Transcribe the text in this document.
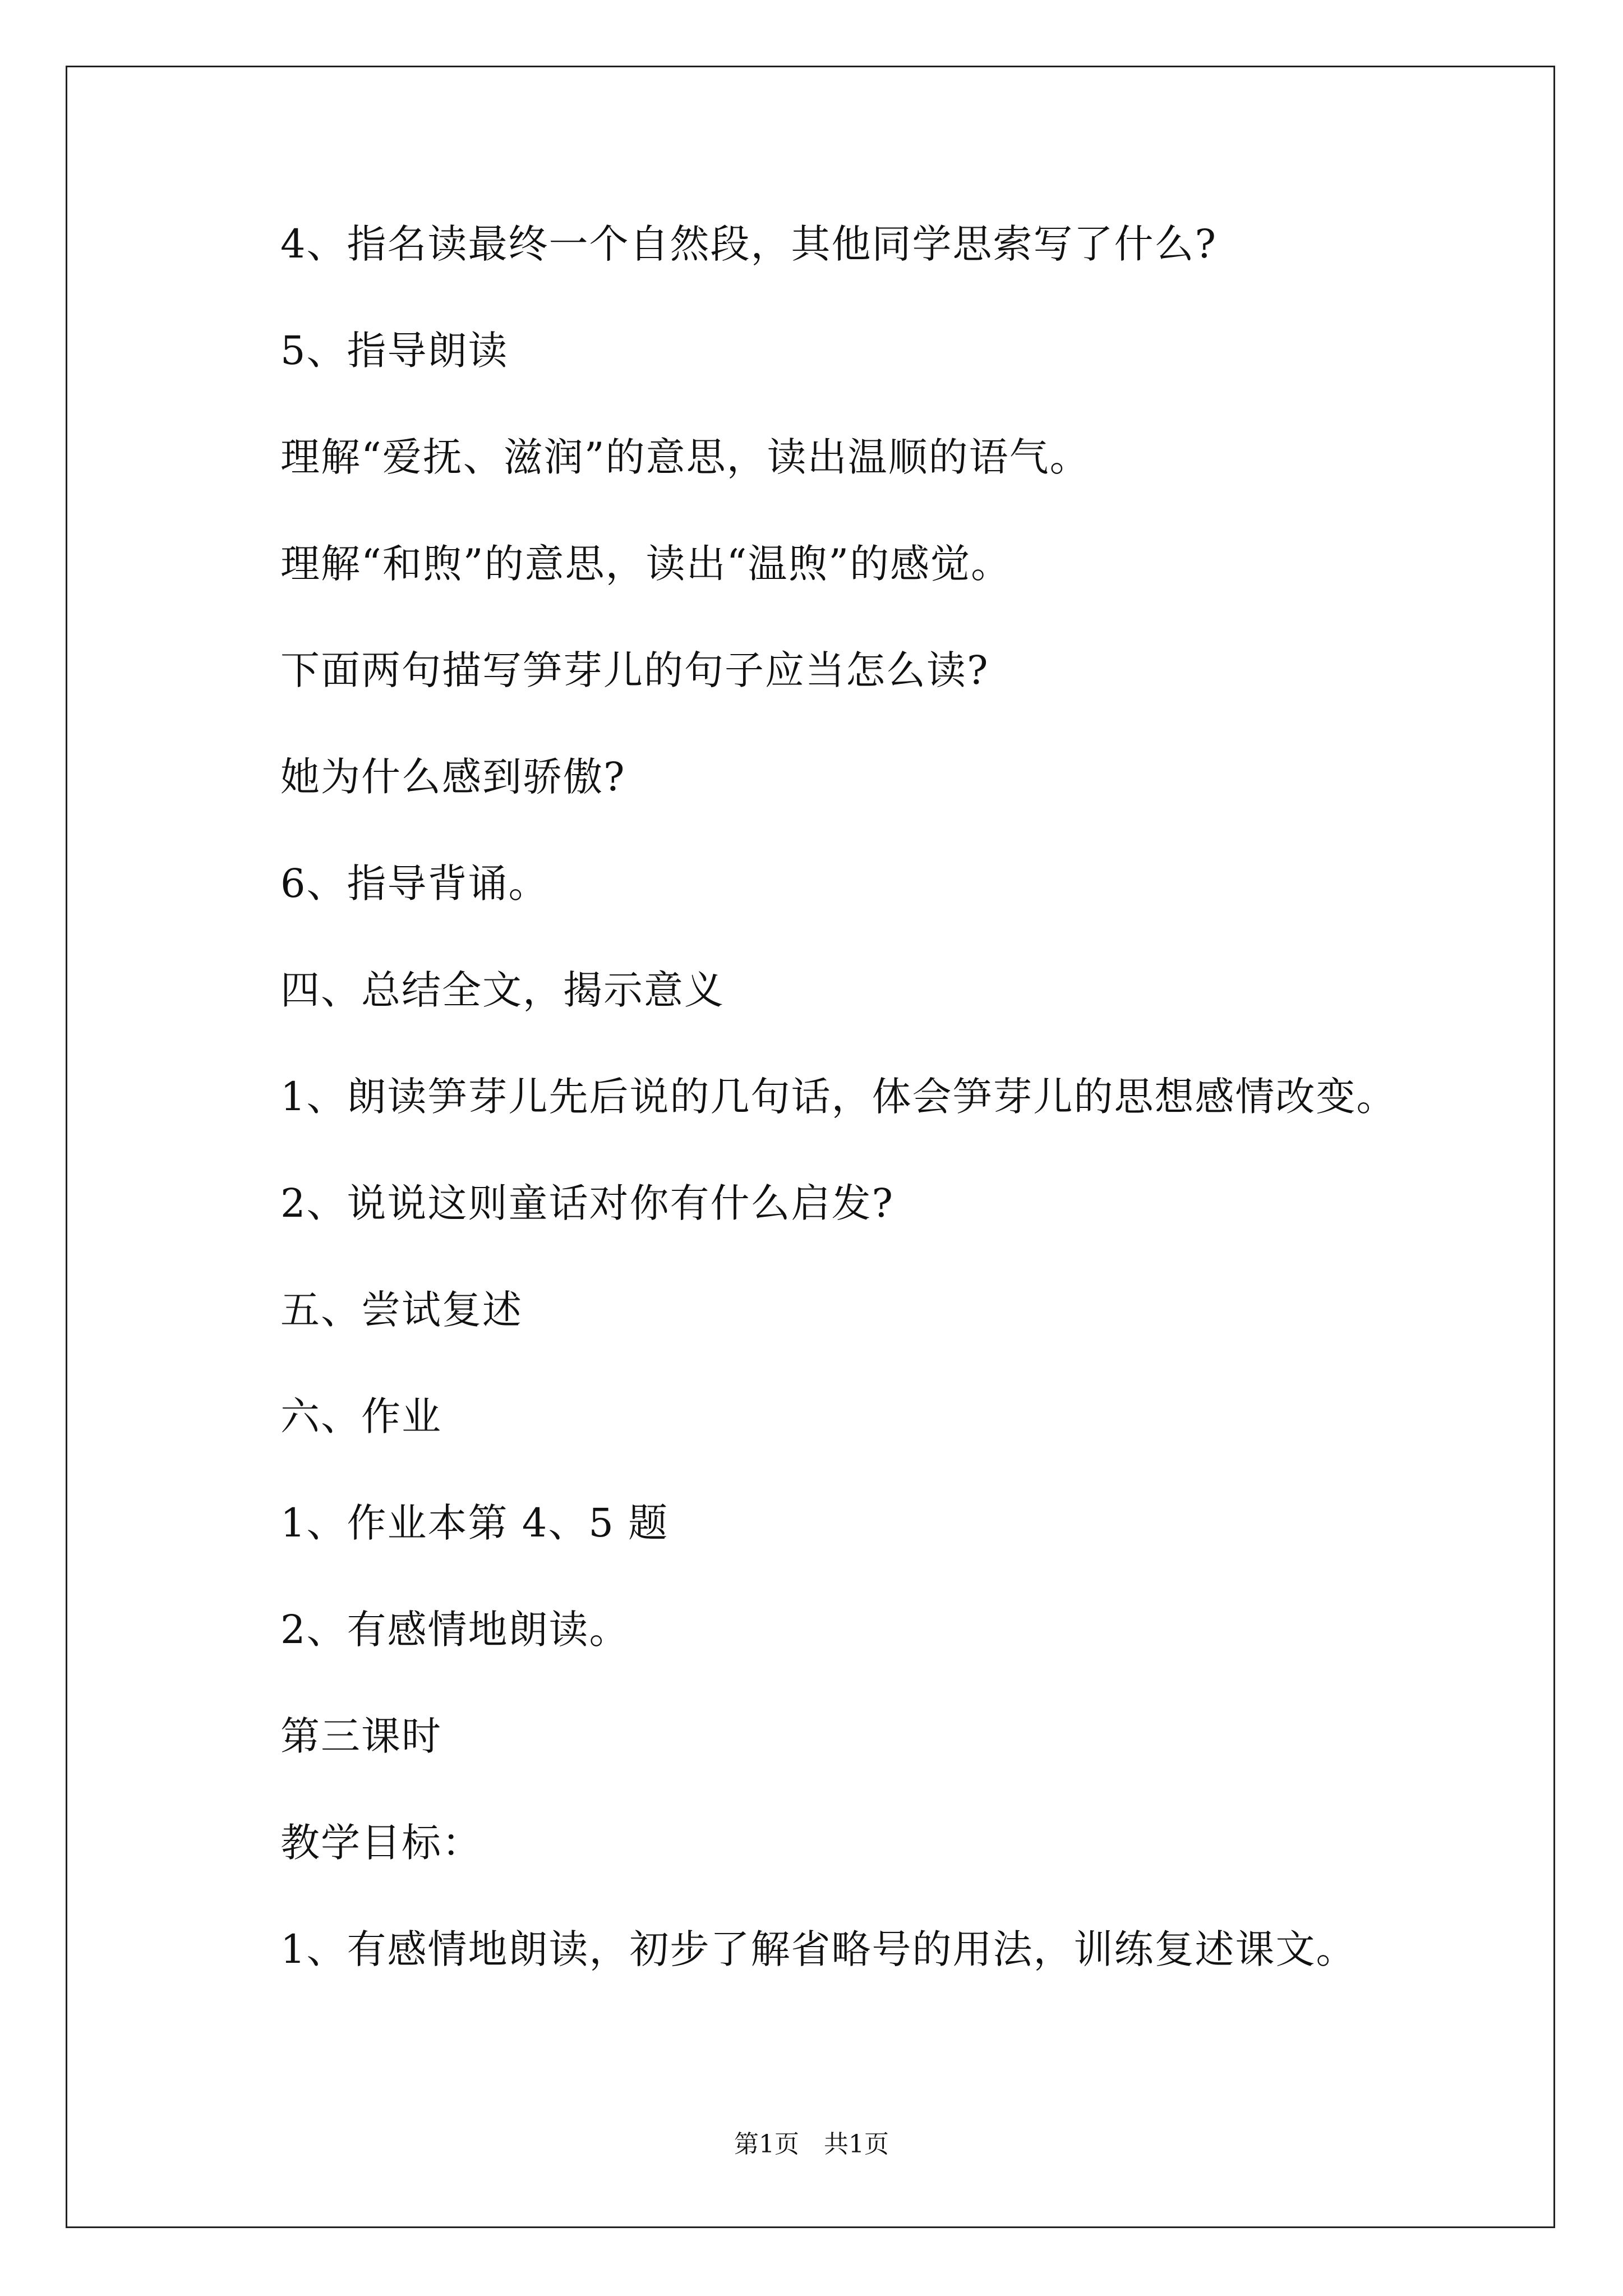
4、指名读最终一个自然段，其他同学思索写了什么?

5、指导朗读

理解“爱抚、滋润”的意思，读出温顺的语气。

理解“和煦”的意思，读出“温煦”的感觉。

下面两句描写笋芽儿的句子应当怎么读?

她为什么感到骄傲?

6、指导背诵。

四、总结全文，揭示意义

1、朗读笋芽儿先后说的几句话，体会笋芽儿的思想感情改变。

2、说说这则童话对你有什么启发?

五、尝试复述

六、作业

1、作业本第 4、5 题

2、有感情地朗读。

第三课时

教学目标：

1、有感情地朗读，初步了解省略号的用法，训练复述课文。

第1页　共1页
